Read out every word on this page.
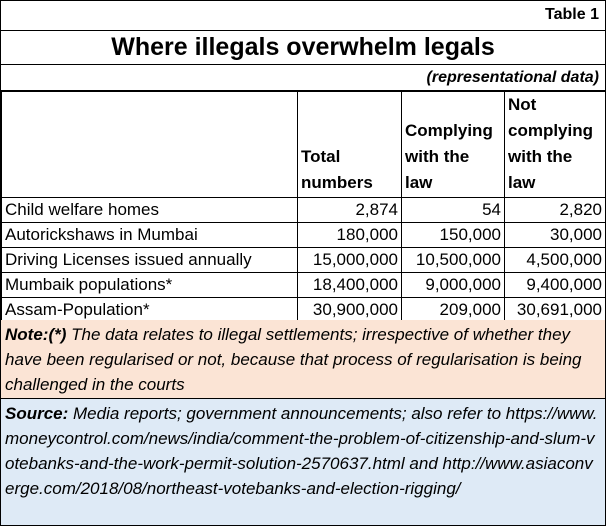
Table 1
Where illegals overwhelm legals
(representational data)
	Total numbers	Complying with the law	Not complying with the law
Child welfare homes	2,874	54	2,820
Autorickshaws in Mumbai	180,000	150,000	30,000
Driving Licenses issued annually	15,000,000	10,500,000	4,500,000
Mumbaik populations*	18,400,000	9,000,000	9,400,000
Assam-Population*	30,900,000	209,000	30,691,000
Note:(*) The data relates to illegal settlements; irrespective of whether they have been regularised or not, because that process of regularisation is being challenged in the courts
Source: Media reports; government announcements; also refer to https://www.moneycontrol.com/news/india/comment-the-problem-of-citizenship-and-slum-votebanks-and-the-work-permit-solution-2570637.html and http://www.asiaconverge.com/2018/08/northeast-votebanks-and-election-rigging/
